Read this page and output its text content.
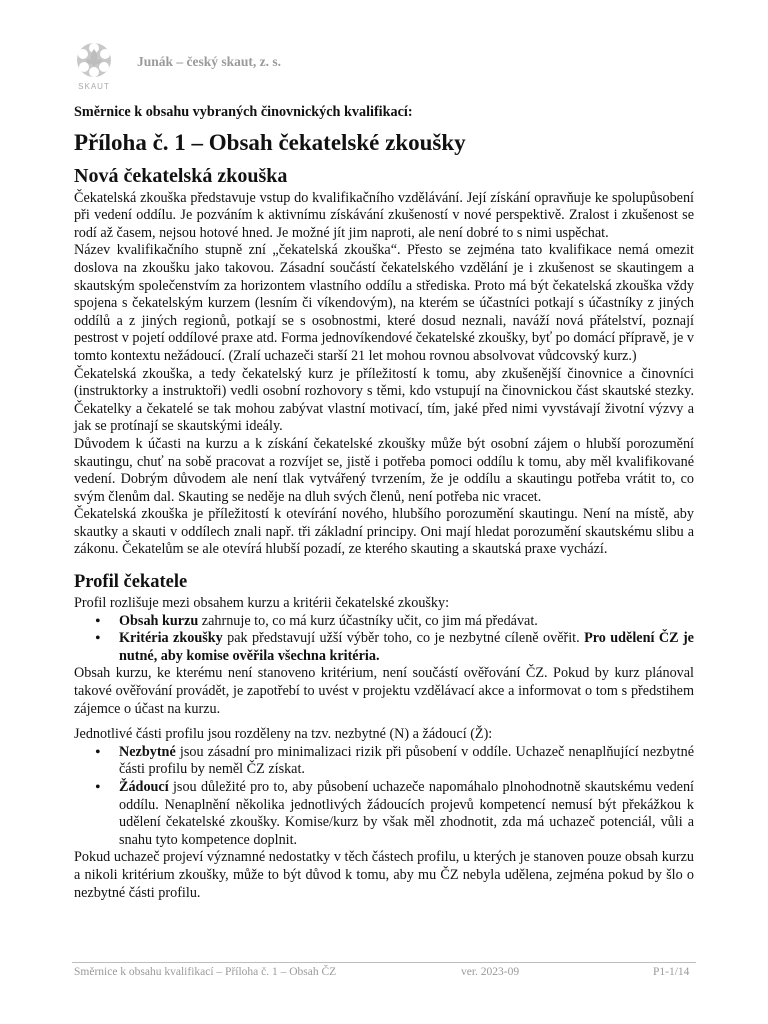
SKAUT
Junák – český skaut, z. s.
Směrnice k obsahu vybraných činovnických kvalifikací:
Příloha č. 1 – Obsah čekatelské zkoušky
Nová čekatelská zkouška

Čekatelská zkouška představuje vstup do kvalifikačního vzdělávání. Její získání opravňuje ke spolupůsobení při vedení oddílu. Je pozváním k aktivnímu získávání zkušeností v nové perspektivě. Zralost i zkušenost se rodí až časem, nejsou hotové hned. Je možné jít jim naproti, ale není dobré to s nimi uspěchat.

Název kvalifikačního stupně zní „čekatelská zkouška“. Přesto se zejména tato kvalifikace nemá omezit doslova na zkoušku jako takovou. Zásadní součástí čekatelského vzdělání je i zkušenost se skautingem a skautským společenstvím za horizontem vlastního oddílu a střediska. Proto má být čekatelská zkouška vždy spojena s čekatelským kurzem (lesním či víkendovým), na kterém se účastníci potkají s účastníky z jiných oddílů a z jiných regionů, potkají se s osobnostmi, které dosud neznali, naváží nová přátelství, poznají pestrost v pojetí oddílové praxe atd. Forma jednovíkendové čekatelské zkoušky, byť po domácí přípravě, je v tomto kontextu nežádoucí. (Zralí uchazeči starší 21 let mohou rovnou absolvovat vůdcovský kurz.)

Čekatelská zkouška, a tedy čekatelský kurz je příležitostí k tomu, aby zkušenější činovnice a činovníci (instruktorky a instruktoři) vedli osobní rozhovory s těmi, kdo vstupují na činovnickou část skautské stezky. Čekatelky a čekatelé se tak mohou zabývat vlastní motivací, tím, jaké před nimi vyvstávají životní výzvy a jak se protínají se skautskými ideály.

Důvodem k účasti na kurzu a k získání čekatelské zkoušky může být osobní zájem o hlubší porozumění skautingu, chuť na sobě pracovat a rozvíjet se, jistě i potřeba pomoci oddílu k tomu, aby měl kvalifikované vedení. Dobrým důvodem ale není tlak vytvářený tvrzením, že je oddílu a skautingu potřeba vrátit to, co svým členům dal. Skauting se neděje na dluh svých členů, není potřeba nic vracet.

Čekatelská zkouška je příležitostí k otevírání nového, hlubšího porozumění skautingu. Není na místě, aby skautky a skauti v oddílech znali např. tři základní principy. Oni mají hledat porozumění skautskému slibu a zákonu. Čekatelům se ale otevírá hlubší pozadí, ze kterého skauting a skautská praxe vychází.

Profil čekatele

Profil rozlišuje mezi obsahem kurzu a kritérii čekatelské zkoušky:

• Obsah kurzu zahrnuje to, co má kurz účastníky učit, co jim má předávat.
• Kritéria zkoušky pak představují užší výběr toho, co je nezbytné cíleně ověřit. Pro udělení ČZ je nutné, aby komise ověřila všechna kritéria.

Obsah kurzu, ke kterému není stanoveno kritérium, není součástí ověřování ČZ. Pokud by kurz plánoval takové ověřování provádět, je zapotřebí to uvést v projektu vzdělávací akce a informovat o tom s předstihem zájemce o účast na kurzu.

Jednotlivé části profilu jsou rozděleny na tzv. nezbytné (N) a žádoucí (Ž):

• Nezbytné jsou zásadní pro minimalizaci rizik při působení v oddíle. Uchazeč nenaplňující nezbytné části profilu by neměl ČZ získat.
• Žádoucí jsou důležité pro to, aby působení uchazeče napomáhalo plnohodnotně skautskému vedení oddílu. Nenaplnění několika jednotlivých žádoucích projevů kompetencí nemusí být překážkou k udělení čekatelské zkoušky. Komise/kurz by však měl zhodnotit, zda má uchazeč potenciál, vůli a snahu tyto kompetence doplnit.

Pokud uchazeč projeví významné nedostatky v těch částech profilu, u kterých je stanoven pouze obsah kurzu a nikoli kritérium zkoušky, může to být důvod k tomu, aby mu ČZ nebyla udělena, zejména pokud by šlo o nezbytné části profilu.

Směrnice k obsahu kvalifikací – Příloha č. 1 – Obsah ČZ	ver. 2023-09	P1-1/14
